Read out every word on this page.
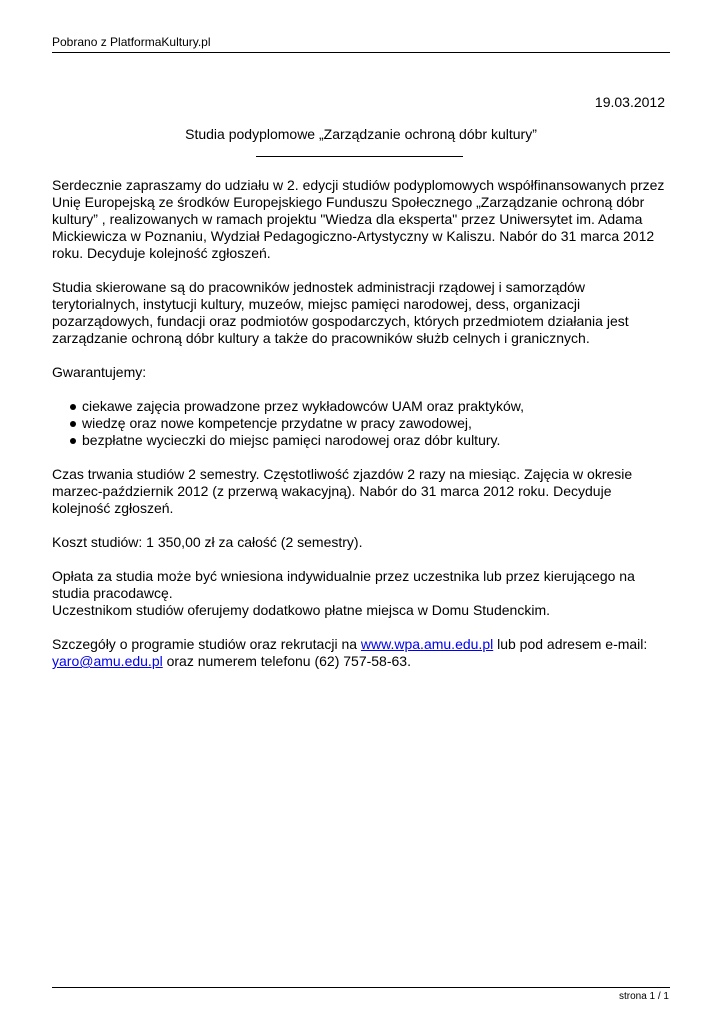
Pobrano z PlatformaKultury.pl
19.03.2012
Studia podyplomowe „Zarządzanie ochroną dóbr kultury”

Serdecznie zapraszamy do udziału w 2. edycji studiów podyplomowych współfinansowanych przez Unię Europejską ze środków Europejskiego Funduszu Społecznego „Zarządzanie ochroną dóbr kultury” , realizowanych w ramach projektu "Wiedza dla eksperta" przez Uniwersytet im. Adama Mickiewicza w Poznaniu, Wydział Pedagogiczno-Artystyczny w Kaliszu. Nabór do 31 marca 2012 roku. Decyduje kolejność zgłoszeń.

Studia skierowane są do pracowników jednostek administracji rządowej i samorządów terytorialnych, instytucji kultury, muzeów, miejsc pamięci narodowej, dess, organizacji pozarządowych, fundacji oraz podmiotów gospodarczych, których przedmiotem działania jest zarządzanie ochroną dóbr kultury a także do pracowników służb celnych i granicznych.

Gwarantujemy:

ciekawe zajęcia prowadzone przez wykładowców UAM oraz praktyków,
wiedzę oraz nowe kompetencje przydatne w pracy zawodowej,
bezpłatne wycieczki do miejsc pamięci narodowej oraz dóbr kultury.

Czas trwania studiów 2 semestry. Częstotliwość zjazdów 2 razy na miesiąc. Zajęcia w okresie marzec-październik 2012 (z przerwą wakacyjną). Nabór do 31 marca 2012 roku. Decyduje kolejność zgłoszeń.

Koszt studiów: 1 350,00 zł za całość (2 semestry).

Opłata za studia może być wniesiona indywidualnie przez uczestnika lub przez kierującego na studia pracodawcę.

Uczestnikom studiów oferujemy dodatkowo płatne miejsca w Domu Studenckim.

Szczegóły o programie studiów oraz rekrutacji na www.wpa.amu.edu.pl lub pod adresem e-mail: yaro@amu.edu.pl oraz numerem telefonu (62) 757-58-63.

strona 1 / 1
